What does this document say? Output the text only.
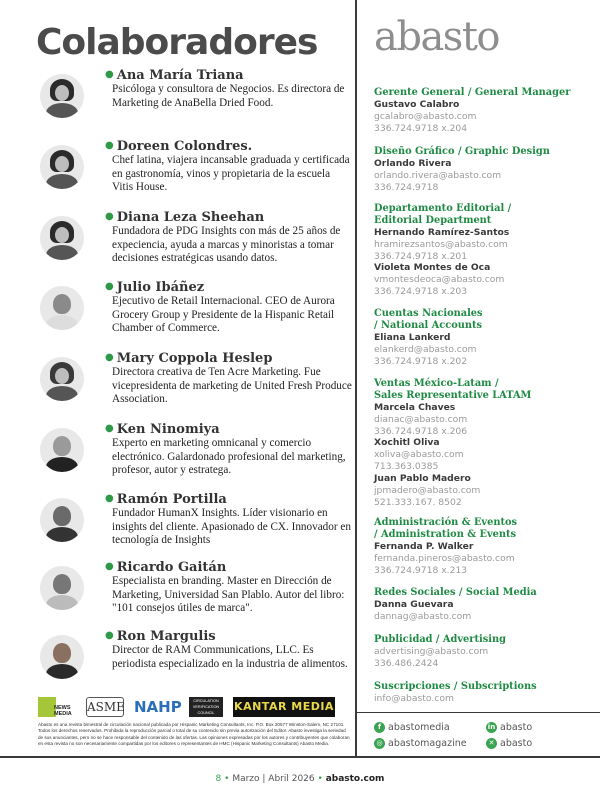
Colaboradores
● Ana María Triana
Psicóloga y consultora de Negocios. Es directora de Marketing de AnaBella Dried Food.
● Doreen Colondres.
Chef latina, viajera incansable graduada y certificada en gastronomía, vinos y propietaria de la escuela Vitis House.
● Diana Leza Sheehan
Fundadora de PDG Insights con más de 25 años de expeciencia, ayuda a marcas y minoristas a tomar decisiones estratégicas usando datos.
● Julio Ibáñez
Ejecutivo de Retail Internacional. CEO de Aurora Grocery Group y Presidente de la Hispanic Retail Chamber of Commerce.
● Mary Coppola Heslep
Directora creativa de Ten Acre Marketing. Fue vicepresidenta de marketing de United Fresh Produce Association.
● Ken Ninomiya
Experto en marketing omnicanal y comercio electrónico. Galardonado profesional del marketing, profesor, autor y estratega.
● Ramón Portilla
Fundador HumanX Insights. Líder visionario en insights del cliente. Apasionado de CX. Innovador en tecnología de Insights
● Ricardo Gaitán
Especialista en branding. Master en Dirección de Marketing, Universidad San Plablo. Autor del libro: "101 consejos útiles de marca".
● Ron Margulis
Director de RAM Communications, LLC. Es periodista especializado en la industria de alimentos.
abasto
Gerente General / General Manager
Gustavo Calabro
gcalabro@abasto.com
336.724.9718 x.204
Diseño Gráfico / Graphic Design
Orlando Rivera
orlando.rivera@abasto.com
336.724.9718
Departamento Editorial /
Editorial Department
Hernando Ramírez-Santos
hramirezsantos@abasto.com
336.724.9718 x.201
Violeta Montes de Oca
vmontesdeoca@abasto.com
336.724.9718 x.203
Cuentas Nacionales
/ National Accounts
Eliana Lankerd
elankerd@abasto.com
336.724.9718 x.202
Ventas México-Latam /
Sales Representative LATAM
Marcela Chaves
dianac@abasto.com
336.724.9718 x.206
Xochitl Oliva
xoliva@abasto.com
713.363.0385
Juan Pablo Madero
jpmadero@abasto.com
521.333.167. 8502
Administración & Eventos
/ Administration & Events
Fernanda P. Walker
fernanda.pineros@abasto.com
336.724.9718 x.213
Redes Sociales / Social Media
Danna Guevara
dannag@abasto.com
Publicidad / Advertising
advertising@abasto.com
336.486.2424
Suscripciones / Subscriptions
info@abasto.com
NEWS MEDIA	ASME NAHP	CIRCULATION VERIFICATION COUNCIL	KANTAR MEDIA
Abasto es una revista bimestral de circulación nacional publicada por Hispanic Marketing Consultants, Inc. P.O. Box 20577 Winston-Salem, NC 27101. Todos los derechos reservados. Prohibida la reproducción parcial o total de su contenido sin previa autorización del Editor. Abasto investiga la seriedad de sus anunciantes, pero no se hace responsable del contenido de las ofertas. Las opiniones expresadas por los autores y contribuyentes que colaboran en esta revista no son necesariamente compartidas por los editores o representantes de HMC (Hispanic Marketing Consultants) Abasto Media.
f abastomedia	in abasto
◎ abastomagazine	✕ abasto
8 • Marzo | Abril 2026 • abasto.com
